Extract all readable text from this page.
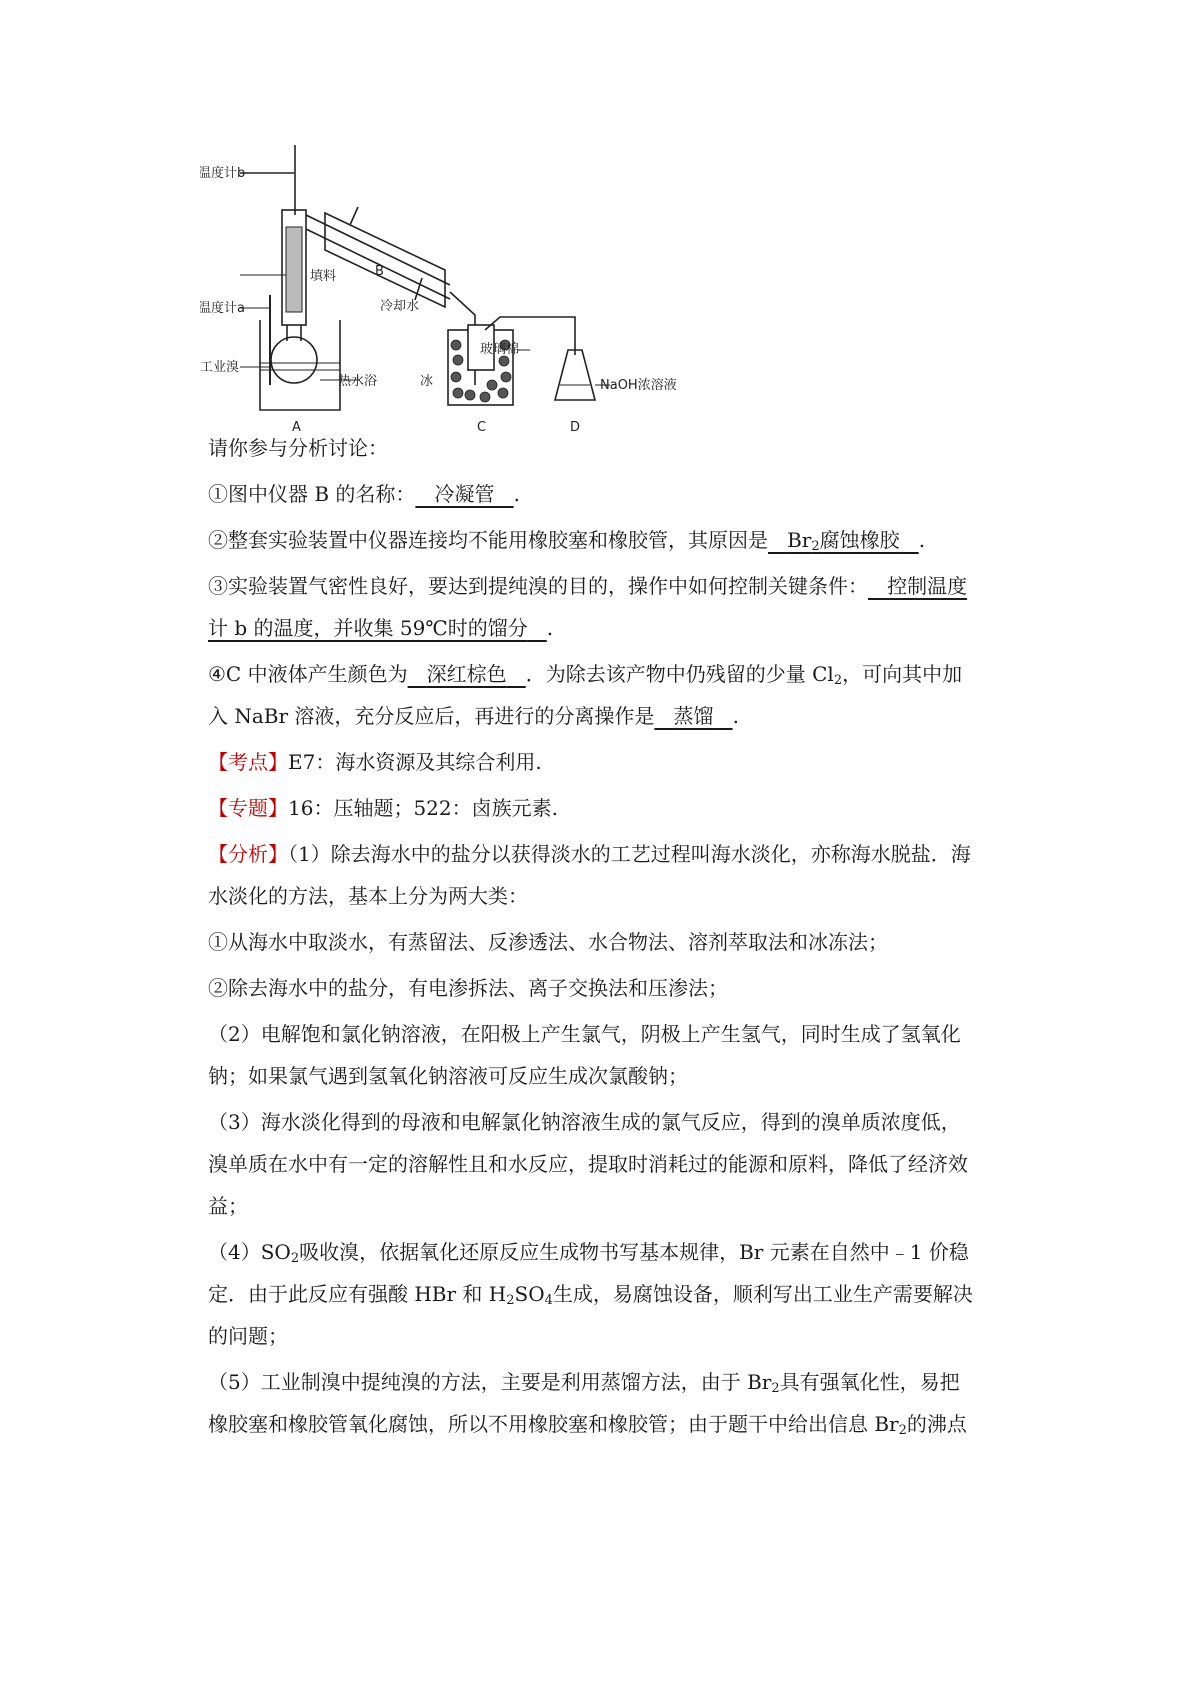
温度计b
填料	B
冷却水
温度计a
工业溴
热水浴	冰
玻璃棉
NaOH浓溶液
A	C	D
请你参与分析讨论：
①图中仪器 B 的名称： 冷凝管 .
②整套实验装置中仪器连接均不能用橡胶塞和橡胶管，其原因是 $Br_2$腐蚀橡胶 .
③实验装置气密性良好，要达到提纯溴的目的，操作中如何控制关键条件： 控制温度
计 b 的温度，并收集 59℃时的馏分 .
④C 中液体产生颜色为 深红棕色 ．为除去该产物中仍残留的少量 $Cl_2$，可向其中加
入 NaBr 溶液，充分反应后，再进行的分离操作是 蒸馏 .
【考点】E7：海水资源及其综合利用.
【专题】16：压轴题；522：卤族元素.
【分析】（1）除去海水中的盐分以获得淡水的工艺过程叫海水淡化，亦称海水脱盐．海
水淡化的方法，基本上分为两大类：
①从海水中取淡水，有蒸留法、反渗透法、水合物法、溶剂萃取法和冰冻法；
②除去海水中的盐分，有电渗拆法、离子交换法和压渗法；
（2）电解饱和氯化钠溶液，在阳极上产生氯气，阴极上产生氢气，同时生成了氢氧化
钠；如果氯气遇到氢氧化钠溶液可反应生成次氯酸钠；
（3）海水淡化得到的母液和电解氯化钠溶液生成的氯气反应，得到的溴单质浓度低，
溴单质在水中有一定的溶解性且和水反应，提取时消耗过的能源和原料，降低了经济效
益；
$(4)SO_2$吸收溴，依据氧化还原反应生成物书写基本规律，Br 元素在自然中﹣1 价稳
定．由于此反应有强酸 HBr 和 $H_2SO_4$生成，易腐蚀设备，顺利写出工业生产需要解决
的问题；
（5）工业制溴中提纯溴的方法，主要是利用蒸馏方法，由于 $Br_2$具有强氧化性，易把
橡胶塞和橡胶管氧化腐蚀，所以不用橡胶塞和橡胶管；由于题干中给出信息 $Br_2$的沸点
